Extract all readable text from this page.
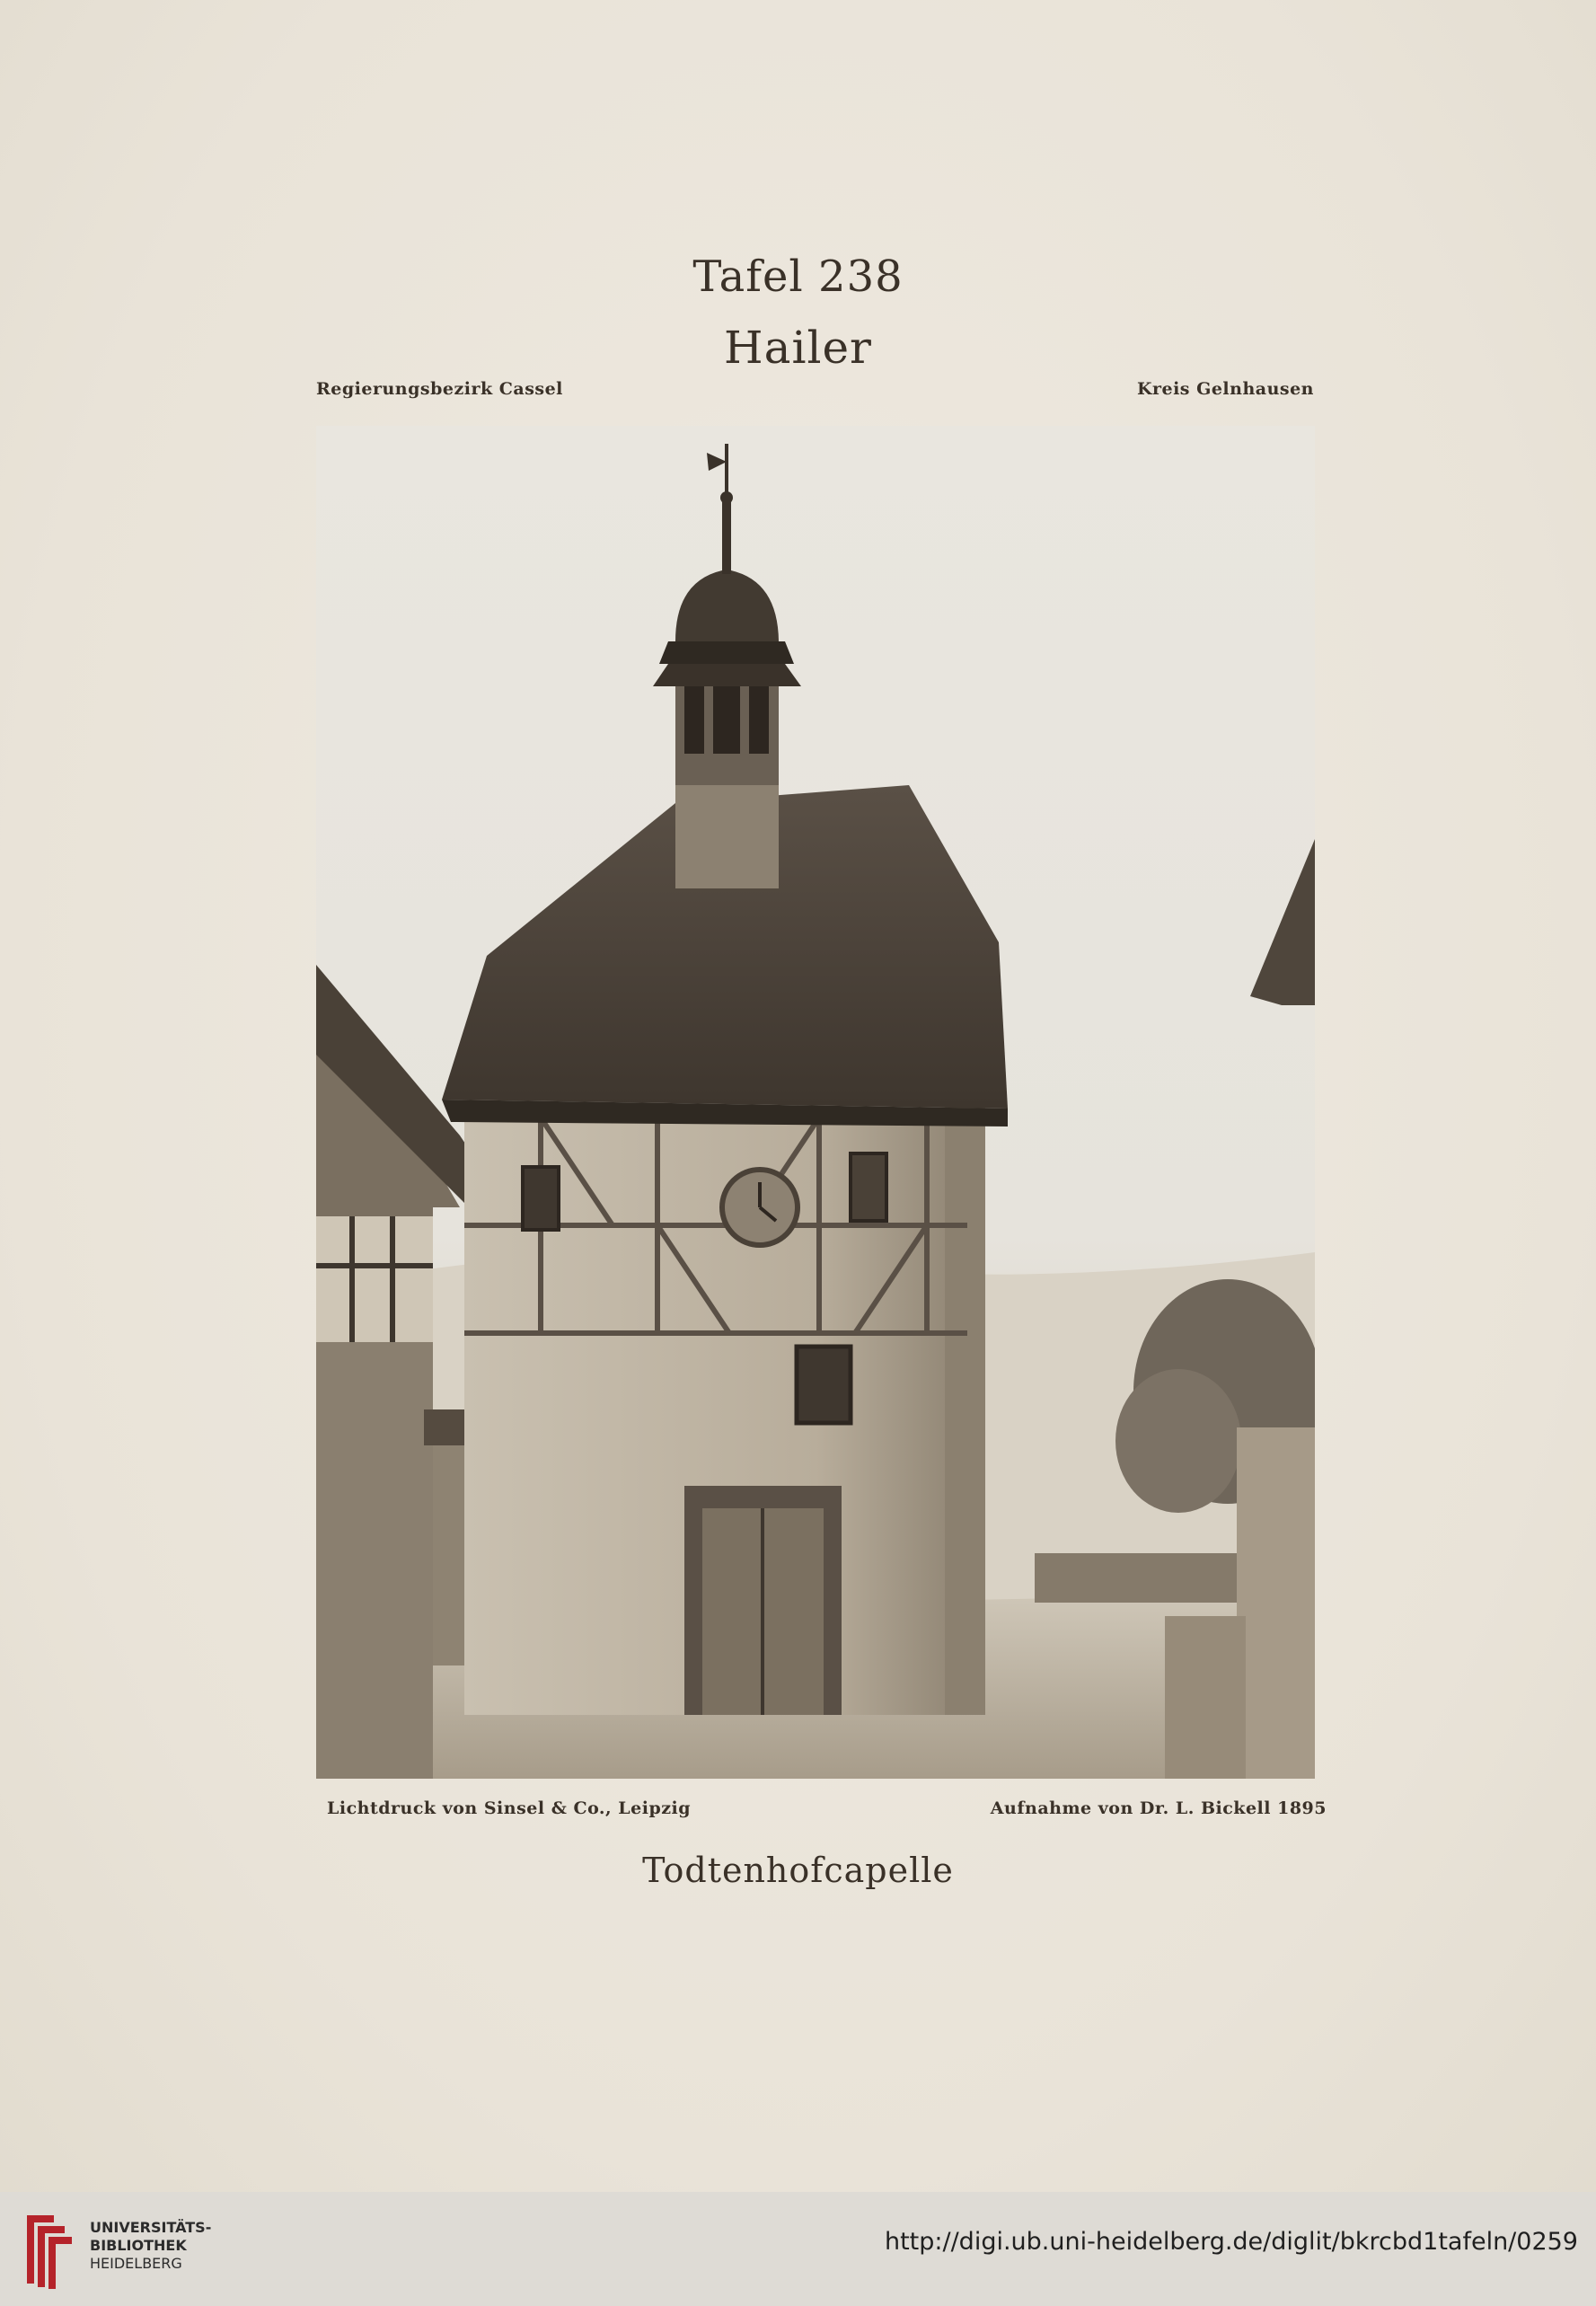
Tafel 238
Hailer
Regierungsbezirk Cassel	Kreis Gelnhausen
Lichtdruck von Sinsel & Co., Leipzig	Aufnahme von Dr. L. Bickell 1895
Todtenhofcapelle
UNIVERSITÄTS-
BIBLIOTHEK
HEIDELBERG
http://digi.ub.uni-heidelberg.de/diglit/bkrcbd1tafeln/0259
